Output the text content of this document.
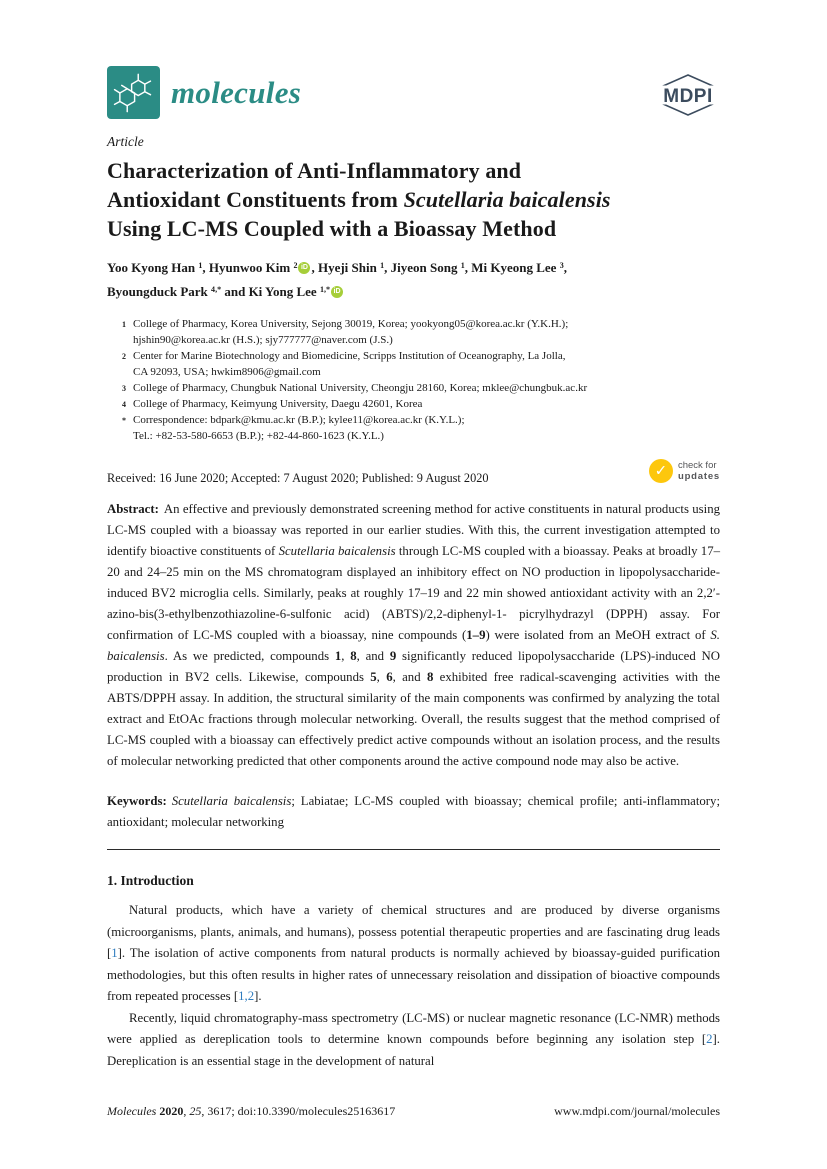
molecules	MDPI
Article
Characterization of Anti-Inflammatory and
Antioxidant Constituents from Scutellaria baicalensis
Using LC-MS Coupled with a Bioassay Method
Yoo Kyong Han $^1$, Hyunwoo Kim $^2$ iD , Hyeji Shin $^1$, Jiyeon Song $^1$, Mi Kyeong Lee $^3$,
Byoungduck Park $^{4,*}$ and Ki Yong Lee $^{1,*}$ iD
1 College of Pharmacy, Korea University, Sejong 30019, Korea; yookyong05@korea.ac.kr (Y.K.H.);
hjshin90@korea.ac.kr (H.S.); sjy777777@naver.com (J.S.)
2 Center for Marine Biotechnology and Biomedicine, Scripps Institution of Oceanography, La Jolla,
CA 92093, USA; hwkim8906@gmail.com
3 College of Pharmacy, Chungbuk National University, Cheongju 28160, Korea; mklee@chungbuk.ac.kr
4 College of Pharmacy, Keimyung University, Daegu 42601, Korea
* Correspondence: bdpark@kmu.ac.kr (B.P.); kylee11@korea.ac.kr (K.Y.L.);
Tel.: +82-53-580-6653 (B.P.); +82-44-860-1623 (K.Y.L.)
Received: 16 June 2020; Accepted: 7 August 2020; Published: 9 August 2020
✓
check for
updates

Abstract: An effective and previously demonstrated screening method for active constituents in natural products using LC-MS coupled with a bioassay was reported in our earlier studies. With this, the current investigation attempted to identify bioactive constituents of Scutellaria baicalensis through LC-MS coupled with a bioassay. Peaks at broadly 17–20 and 24–25 min on the MS chromatogram displayed an inhibitory effect on NO production in lipopolysaccharide-induced BV2 microglia cells. Similarly, peaks at roughly 17–19 and 22 min showed antioxidant activity with an 2,2′-azino-bis(3-ethylbenzothiazoline-6-sulfonic acid) (ABTS)/2,2-diphenyl-1- picrylhydrazyl (DPPH) assay. For confirmation of LC-MS coupled with a bioassay, nine compounds (1–9) were isolated from an MeOH extract of S. baicalensis. As we predicted, compounds 1, 8, and 9 significantly reduced lipopolysaccharide (LPS)-induced NO production in BV2 cells. Likewise, compounds 5, 6, and 8 exhibited free radical-scavenging activities with the ABTS/DPPH assay. In addition, the structural similarity of the main components was confirmed by analyzing the total extract and EtOAc fractions through molecular networking. Overall, the results suggest that the method comprised of LC-MS coupled with a bioassay can effectively predict active compounds without an isolation process, and the results of molecular networking predicted that other components around the active compound node may also be active.

Keywords: Scutellaria baicalensis; Labiatae; LC-MS coupled with bioassay; chemical profile; anti-inflammatory; antioxidant; molecular networking

1. Introduction

Natural products, which have a variety of chemical structures and are produced by diverse organisms (microorganisms, plants, animals, and humans), possess potential therapeutic properties and are fascinating drug leads [1]. The isolation of active components from natural products is normally achieved by bioassay-guided purification methodologies, but this often results in higher rates of unnecessary reisolation and dissipation of bioactive compounds from repeated processes [1,2].

Recently, liquid chromatography-mass spectrometry (LC-MS) or nuclear magnetic resonance (LC-NMR) methods were applied as dereplication tools to determine known compounds before beginning any isolation step [2]. Dereplication is an essential stage in the development of natural

Molecules 2020, 25, 3617; doi:10.3390/molecules25163617	www.mdpi.com/journal/molecules
